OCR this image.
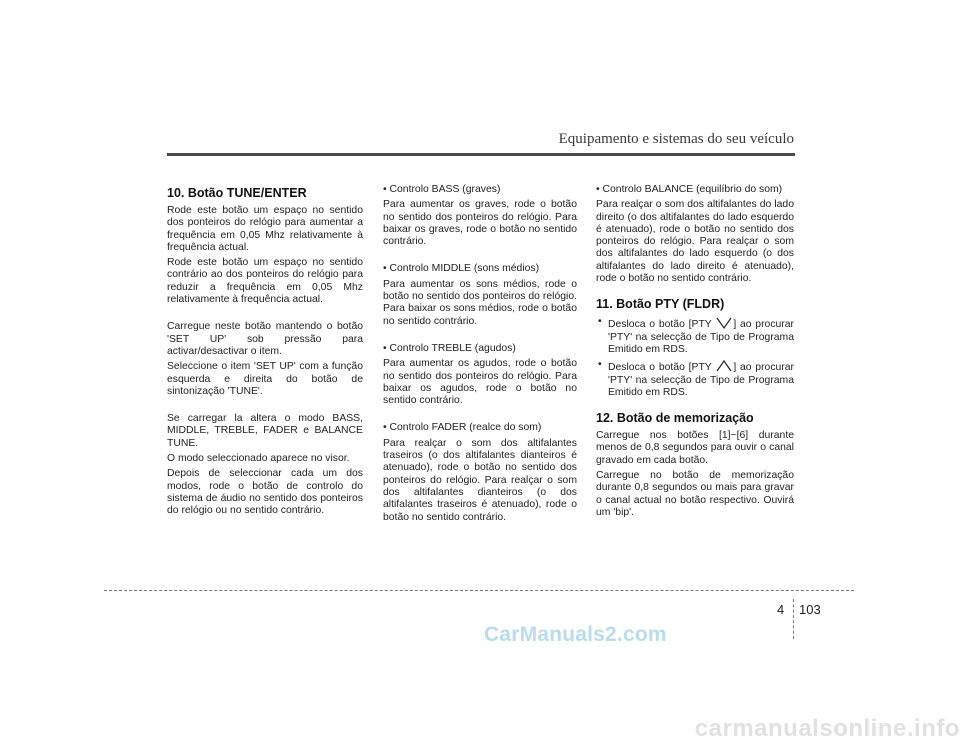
Equipamento e sistemas do seu veículo
10. Botão TUNE/ENTER

Rode este botão um espaço no sentido dos ponteiros do relógio para aumentar a frequência em 0,05 Mhz relativamente à frequência actual.

Rode este botão um espaço no sentido contrário ao dos ponteiros do relógio para reduzir a frequência em 0,05 Mhz relativamente à frequência actual.

Carregue neste botão mantendo o botão 'SET UP' sob pressão para activar/desactivar o item.

Seleccione o item 'SET UP' com a função esquerda e direita do botão de sintonização 'TUNE'.

Se carregar la altera o modo BASS, MIDDLE, TREBLE, FADER e BALANCE TUNE.

O modo seleccionado aparece no visor.

Depois de seleccionar cada um dos modos, rode o botão de controlo do sistema de áudio no sentido dos ponteiros do relógio ou no sentido contrário.

• Controlo BASS (graves)

Para aumentar os graves, rode o botão no sentido dos ponteiros do relógio. Para baixar os graves, rode o botão no sentido contrário.

• Controlo MIDDLE (sons médios)

Para aumentar os sons médios, rode o botão no sentido dos ponteiros do relógio. Para baixar os sons médios, rode o botão no sentido contrário.

• Controlo TREBLE (agudos)

Para aumentar os agudos, rode o botão no sentido dos ponteiros do relógio. Para baixar os agudos, rode o botão no sentido contrário.

• Controlo FADER (realce do som)

Para realçar o som dos altifalantes traseiros (o dos altifalantes dianteiros é atenuado), rode o botão no sentido dos ponteiros do relógio. Para realçar o som dos altifalantes dianteiros (o dos altifalantes traseiros é atenuado), rode o botão no sentido contrário.

• Controlo BALANCE (equilíbrio do som)

Para realçar o som dos altifalantes do lado direito (o dos altifalantes do lado esquerdo é atenuado), rode o botão no sentido dos ponteiros do relógio. Para realçar o som dos altifalantes do lado esquerdo (o dos altifalantes do lado direito é atenuado), rode o botão no sentido contrário.

11. Botão PTY (FLDR)
• Desloca o botão [PTY ] ao procurar 'PTY' na selecção de Tipo de Programa Emitido em RDS.
• Desloca o botão [PTY ] ao procurar 'PTY' na selecção de Tipo de Programa Emitido em RDS.
12. Botão de memorização

Carregue nos botões [1]~[6] durante menos de 0,8 segundos para ouvir o canal gravado em cada botão.

Carregue no botão de memorização durante 0,8 segundos ou mais para gravar o canal actual no botão respectivo. Ouvirá um 'bip'.

4 103
CarManuals2.com
carmanualsonline.info
